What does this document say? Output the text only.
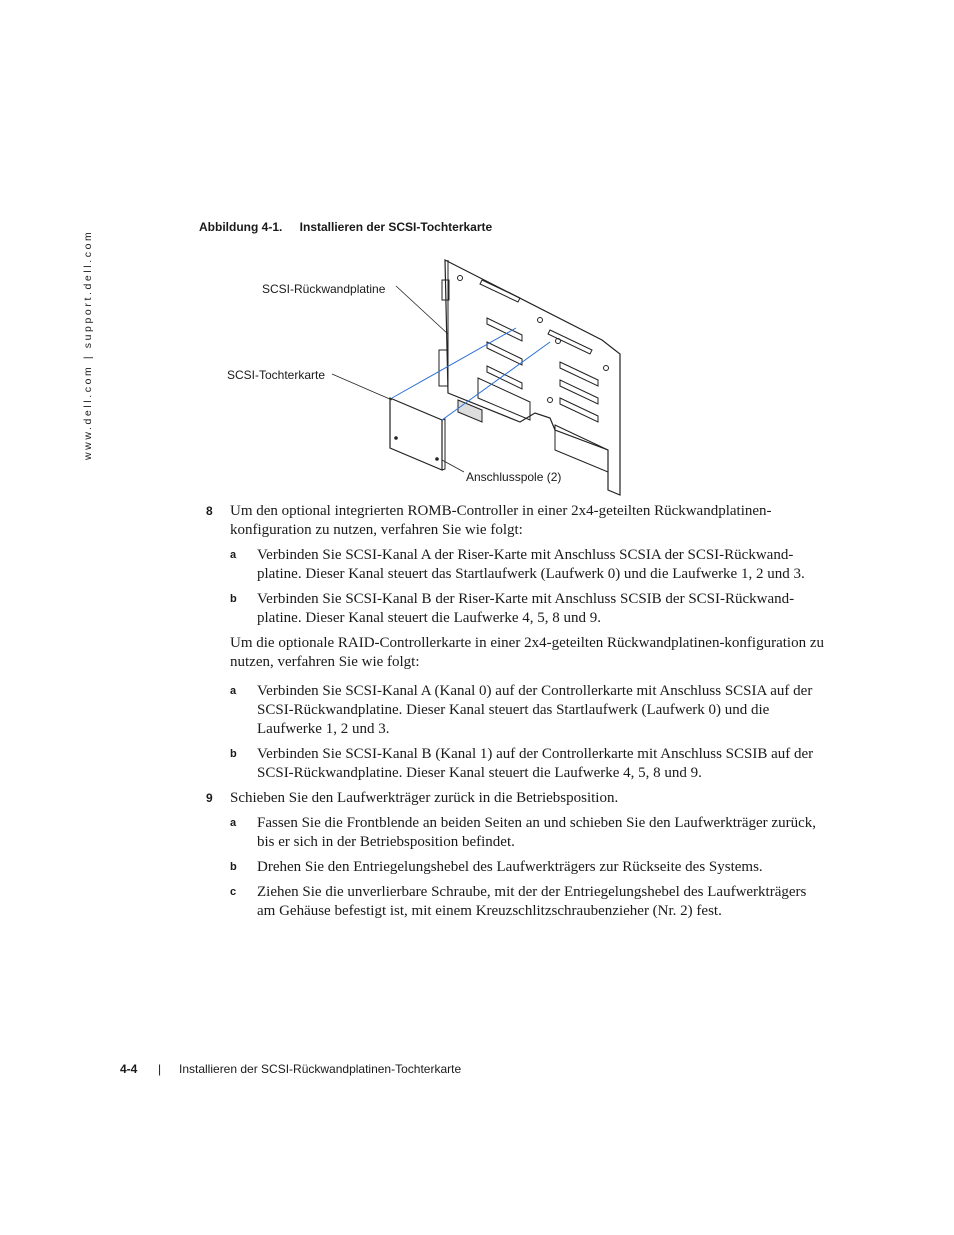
www.dell.com | support.dell.com
Abbildung 4-1. Installieren der SCSI-Tochterkarte
SCSI-Rückwandplatine
SCSI-Tochterkarte
Anschlusspole (2)
8	Um den optional integrierten ROMB-Controller in einer 2x4-geteilten Rückwandplatinen-konfiguration zu nutzen, verfahren Sie wie folgt:
a	Verbinden Sie SCSI-Kanal A der Riser-Karte mit Anschluss SCSIA der SCSI-Rückwand-platine. Dieser Kanal steuert das Startlaufwerk (Laufwerk 0) und die Laufwerke 1, 2 und 3.
b	Verbinden Sie SCSI-Kanal B der Riser-Karte mit Anschluss SCSIB der SCSI-Rückwand-platine. Dieser Kanal steuert die Laufwerke 4, 5, 8 und 9.
Um die optionale RAID-Controllerkarte in einer 2x4-geteilten Rückwandplatinen-konfiguration zu nutzen, verfahren Sie wie folgt:
a	Verbinden Sie SCSI-Kanal A (Kanal 0) auf der Controllerkarte mit Anschluss SCSIA auf der SCSI-Rückwandplatine. Dieser Kanal steuert das Startlaufwerk (Laufwerk 0) und die Laufwerke 1, 2 und 3.
b	Verbinden Sie SCSI-Kanal B (Kanal 1) auf der Controllerkarte mit Anschluss SCSIB auf der SCSI-Rückwandplatine. Dieser Kanal steuert die Laufwerke 4, 5, 8 und 9.
9	Schieben Sie den Laufwerkträger zurück in die Betriebsposition.
a	Fassen Sie die Frontblende an beiden Seiten an und schieben Sie den Laufwerkträger zurück, bis er sich in der Betriebsposition befindet.
b	Drehen Sie den Entriegelungshebel des Laufwerkträgers zur Rückseite des Systems.
c	Ziehen Sie die unverlierbare Schraube, mit der der Entriegelungshebel des Laufwerkträgers am Gehäuse befestigt ist, mit einem Kreuzschlitzschraubenzieher (Nr. 2) fest.
4-4 | Installieren der SCSI-Rückwandplatinen-Tochterkarte
